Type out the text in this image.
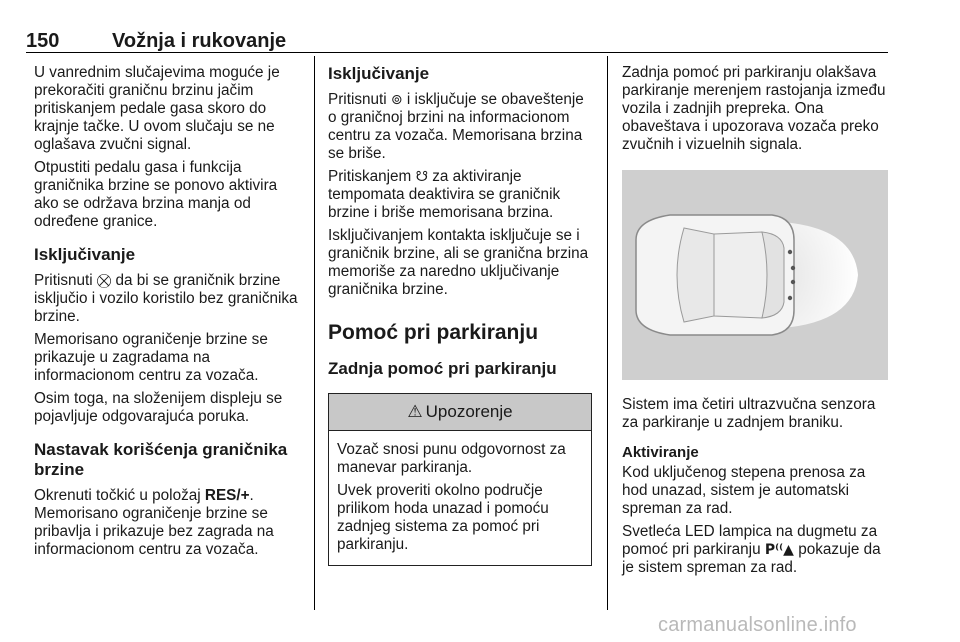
150	Vožnja i rukovanje

U vanrednim slučajevima moguće je prekoračiti graničnu brzinu jačim pritiskanjem pedale gasa skoro do krajnje tačke. U ovom slučaju se ne oglašava zvučni signal.

Otpustiti pedalu gasa i funkcija graničnika brzine se ponovo aktivira ako se održava brzina manja od određene granice.

Isključivanje

Pritisnuti ⛒ da bi se graničnik brzine isključio i vozilo koristilo bez graničnika brzine.

Memorisano ograničenje brzine se prikazuje u zagradama na informacionom centru za vozača.

Osim toga, na složenijem displeju se pojavljuje odgovarajuća poruka.

Nastavak korišćenja graničnika brzine

Okrenuti točkić u položaj RES/+. Memorisano ograničenje brzine se pribavlja i prikazuje bez zagrada na informacionom centru za vozača.

Isključivanje

Pritisnuti ⊚ i isključuje se obaveštenje o graničnoj brzini na informacionom centru za vozača. Memorisana brzina se briše.

Pritiskanjem ☋ za aktiviranje tempomata deaktivira se graničnik brzine i briše memorisana brzina.

Isključivanjem kontakta isključuje se i graničnik brzine, ali se granična brzina memoriše za naredno uključivanje graničnika brzine.

Pomoć pri parkiranju
Zadnja pomoć pri parkiranju
⚠ Upozorenje

Vozač snosi punu odgovornost za manevar parkiranja.

Uvek proveriti okolno područje prilikom hoda unazad i pomoću zadnjeg sistema za pomoć pri parkiranju.

Zadnja pomoć pri parkiranju olakšava parkiranje merenjem rastojanja između vozila i zadnjih prepreka. Ona obaveštava i upozorava vozača preko zvučnih i vizuelnih signala.

Sistem ima četiri ultrazvučna senzora za parkiranje u zadnjem braniku.

Aktiviranje

Kod uključenog stepena prenosa za hod unazad, sistem je automatski spreman za rad.

Svetleća LED lampica na dugmetu za pomoć pri parkiranju P⁽⁽▲ pokazuje da je sistem spreman za rad.

carmanualsonline.info
